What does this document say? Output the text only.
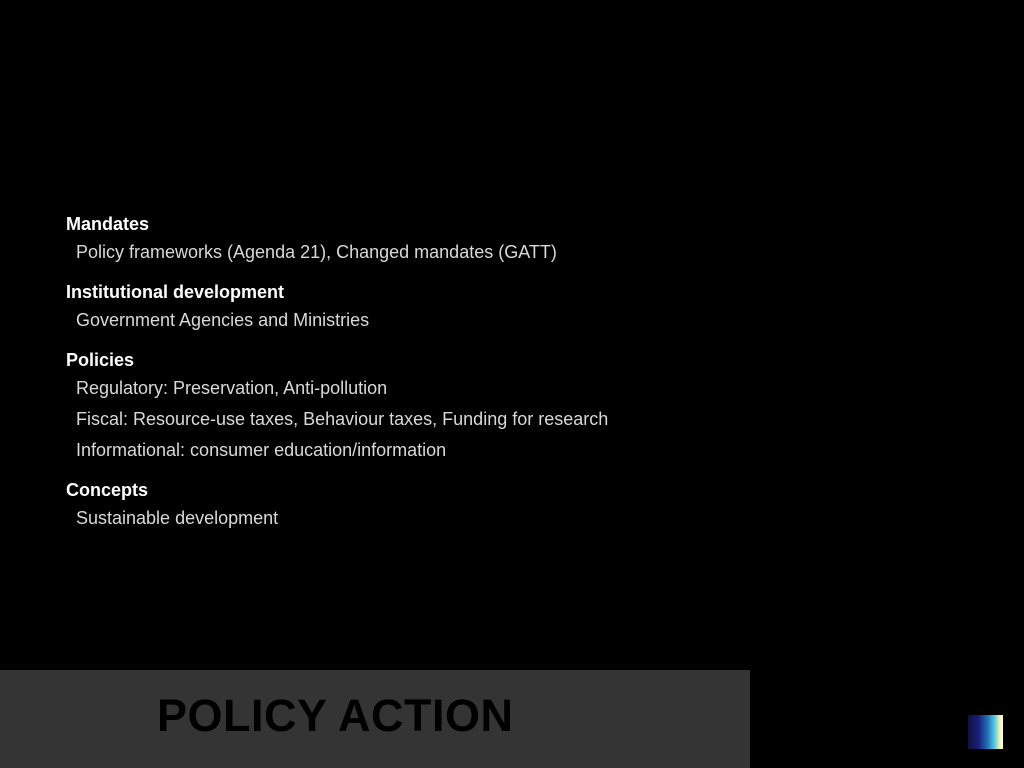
Mandates
Policy frameworks (Agenda 21), Changed mandates (GATT)
Institutional development
Government Agencies and Ministries
Policies
Regulatory: Preservation, Anti-pollution
Fiscal: Resource-use taxes, Behaviour taxes, Funding for research
Informational: consumer education/information
Concepts
Sustainable development
POLICY ACTION
